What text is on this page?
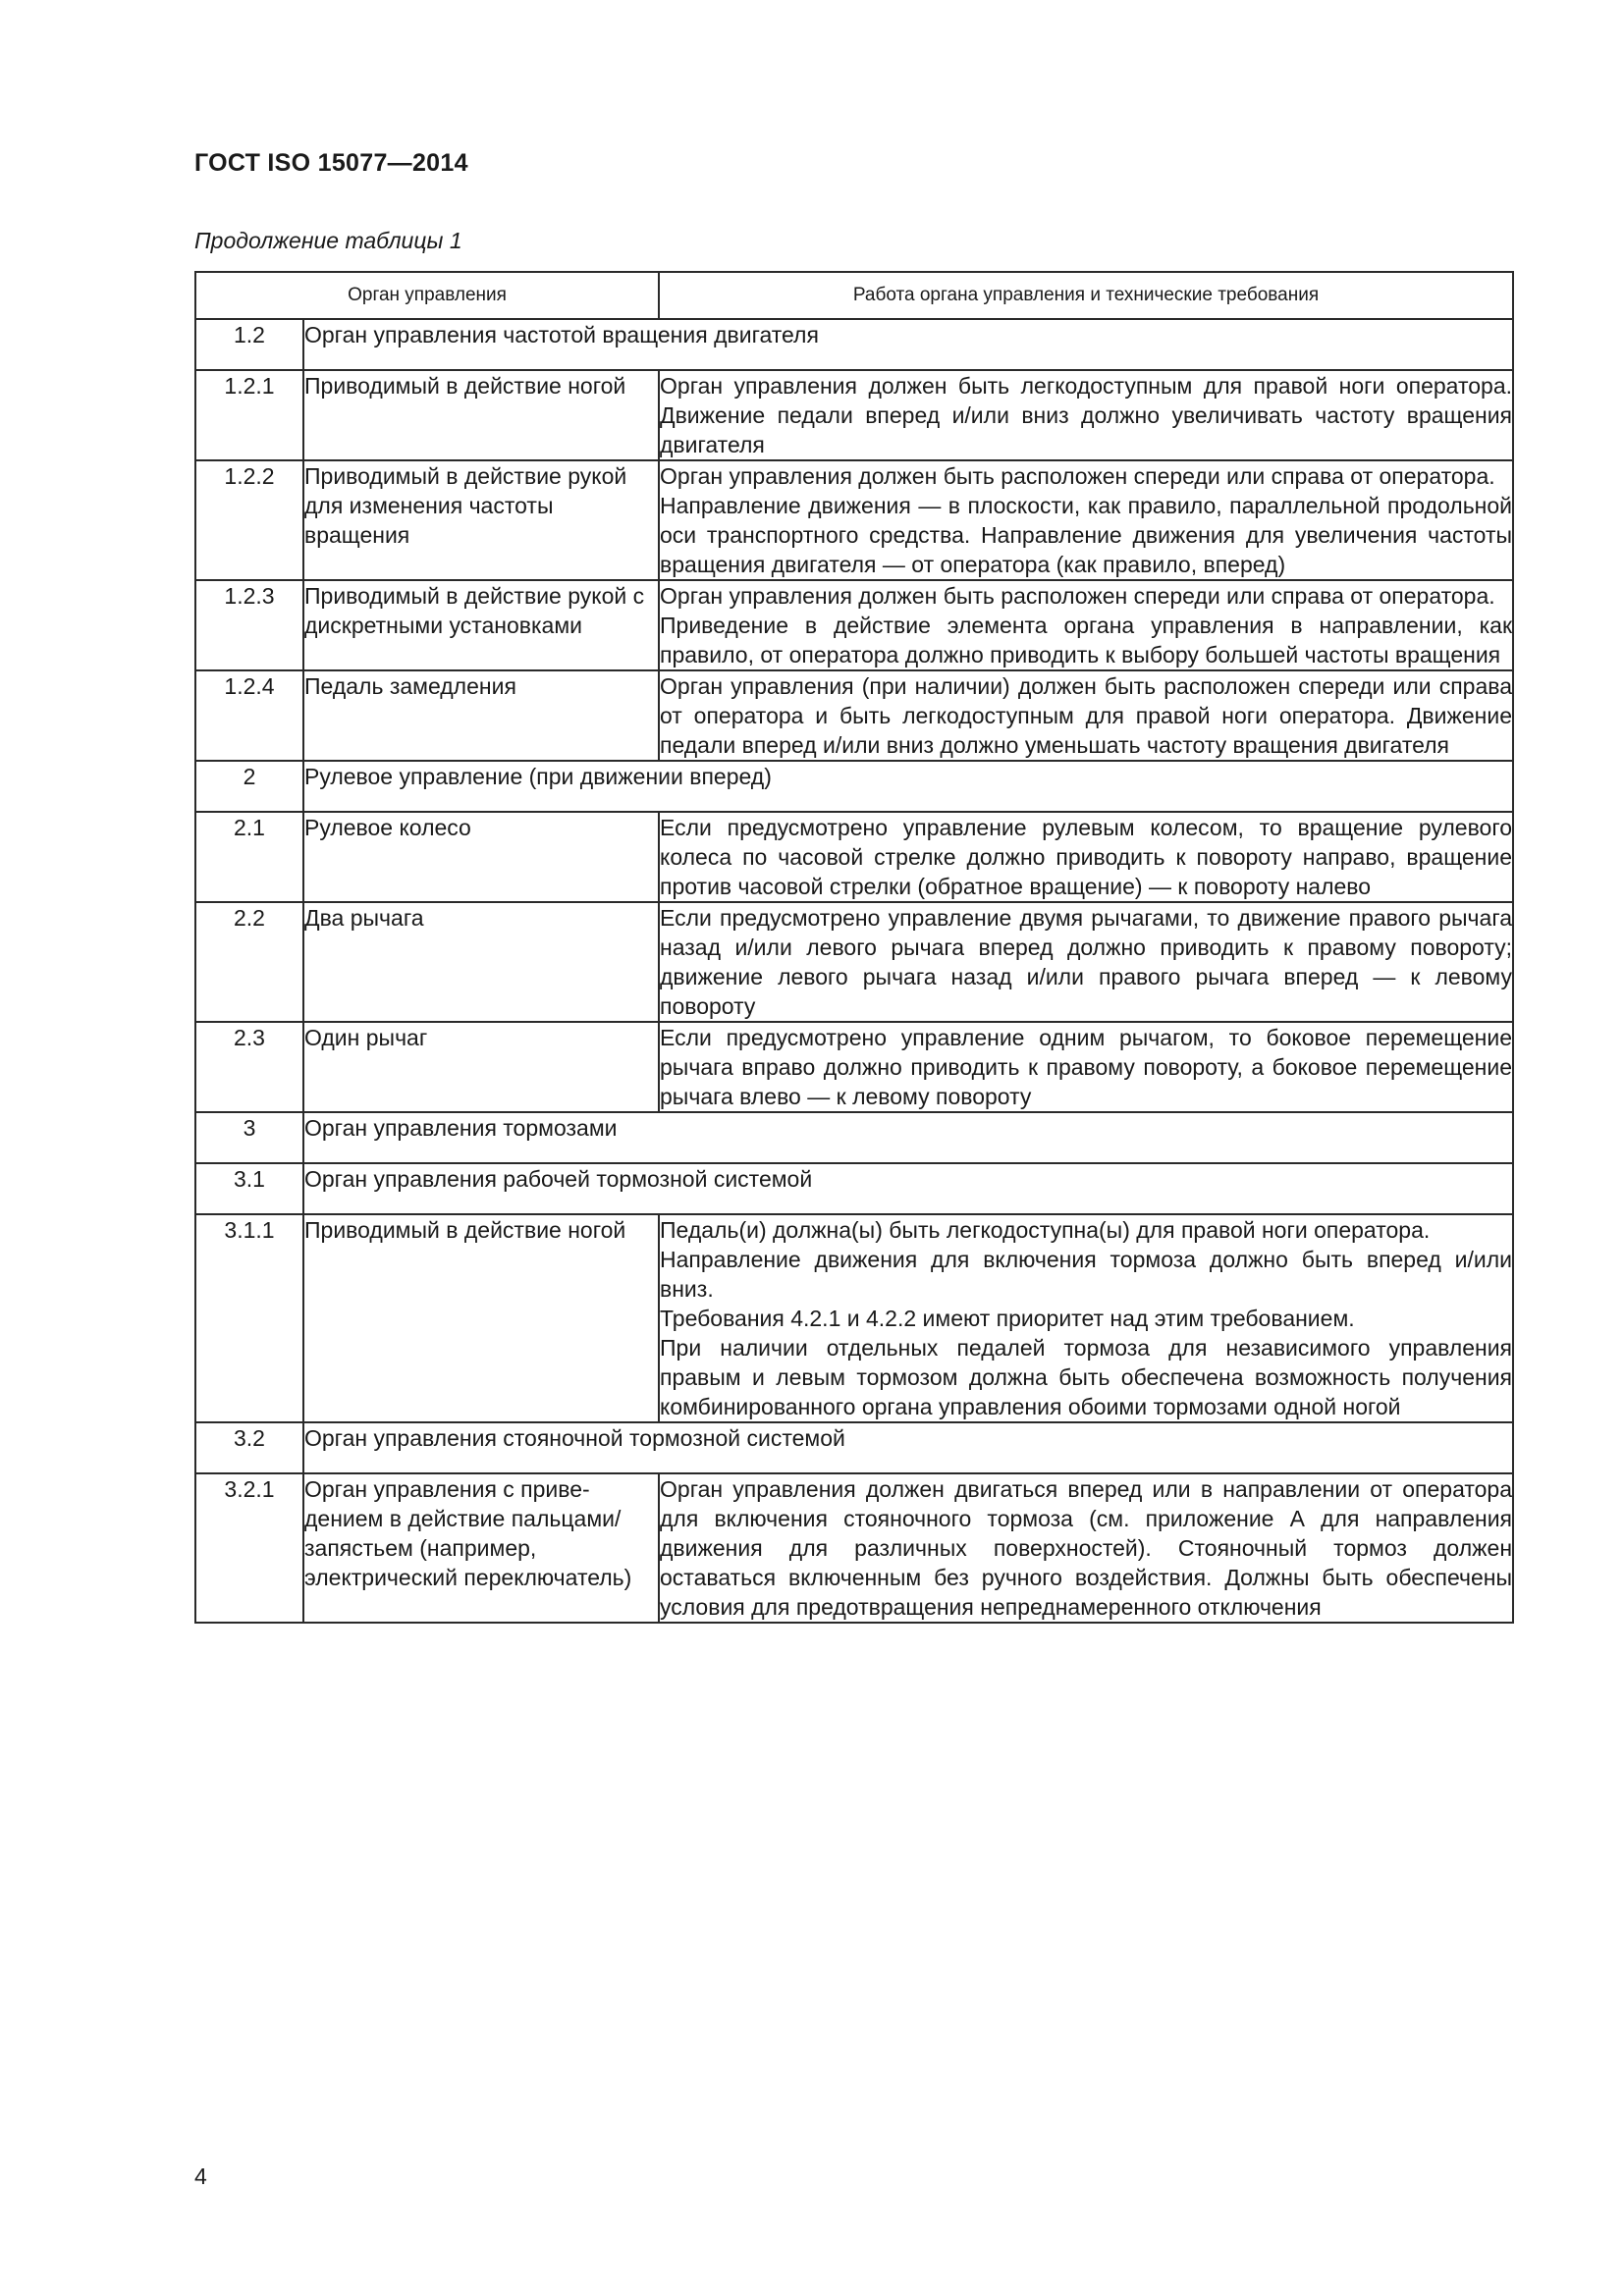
ГОСТ ISO 15077—2014
Продолжение таблицы 1
Орган управления		Работа органа управления и технические требования
1.2	Орган управления частотой вращения двигателя	
1.2.1	Приводимый в действие ногой	Орган управления должен быть легкодоступным для правой ноги оператора. Движение педали вперед и/или вниз должно увеличивать частоту вращения двигателя

1.2.2	Приводимый в действие рукой для изменения частоты вращения	Орган управления должен быть расположен спереди или справа от оператора.
Направление движения — в плоскости, как правило, параллельной продольной оси транспортного средства. Направление движения для увеличения частоты вращения двигателя — от оператора (как правило, вперед)

1.2.3	Приводимый в действие рукой с дискретными установками	Орган управления должен быть расположен спереди или справа от оператора.
Приведение в действие элемента органа управления в направлении, как правило, от оператора должно приводить к выбору большей частоты вращения

1.2.4	Педаль замедления	Орган управления (при наличии) должен быть расположен спереди или справа от оператора и быть легкодоступным для правой ноги оператора. Движение педали вперед и/или вниз должно уменьшать частоту вращения двигателя

2	Рулевое управление (при движении вперед)	
2.1	Рулевое колесо	Если предусмотрено управление рулевым колесом, то вращение рулевого колеса по часовой стрелке должно приводить к повороту направо, вращение против часовой стрелки (обратное вращение) — к повороту налево

2.2	Два рычага	Если предусмотрено управление двумя рычагами, то движение правого рычага назад и/или левого рычага вперед должно приводить к правому повороту; движение левого рычага назад и/или правого рычага вперед — к левому повороту

2.3	Один рычаг	Если предусмотрено управление одним рычагом, то боковое перемещение рычага вправо должно приводить к правому повороту, а боковое перемещение рычага влево — к левому повороту

3	Орган управления тормозами	
3.1	Орган управления рабочей тормозной системой	
3.1.1	Приводимый в действие ногой	Педаль(и) должна(ы) быть легкодоступна(ы) для правой ноги оператора.
Направление движения для включения тормоза должно быть вперед и/или вниз.
Требования 4.2.1 и 4.2.2 имеют приоритет над этим требованием.
При наличии отдельных педалей тормоза для независимого управления правым и левым тормозом должна быть обеспечена возможность получения комбинированного органа управления обоими тормозами одной ногой

3.2	Орган управления стояночной тормозной системой	
3.2.1	Орган управления с приведением в действие пальцами/запястьем (например, электрический переключатель)	Орган управления должен двигаться вперед или в направлении от оператора для включения стояночного тормоза (см. приложение А для направления движения для различных поверхностей). Стояночный тормоз должен оставаться включенным без ручного воздействия. Должны быть обеспечены условия для предотвращения непреднамеренного отключения
4
